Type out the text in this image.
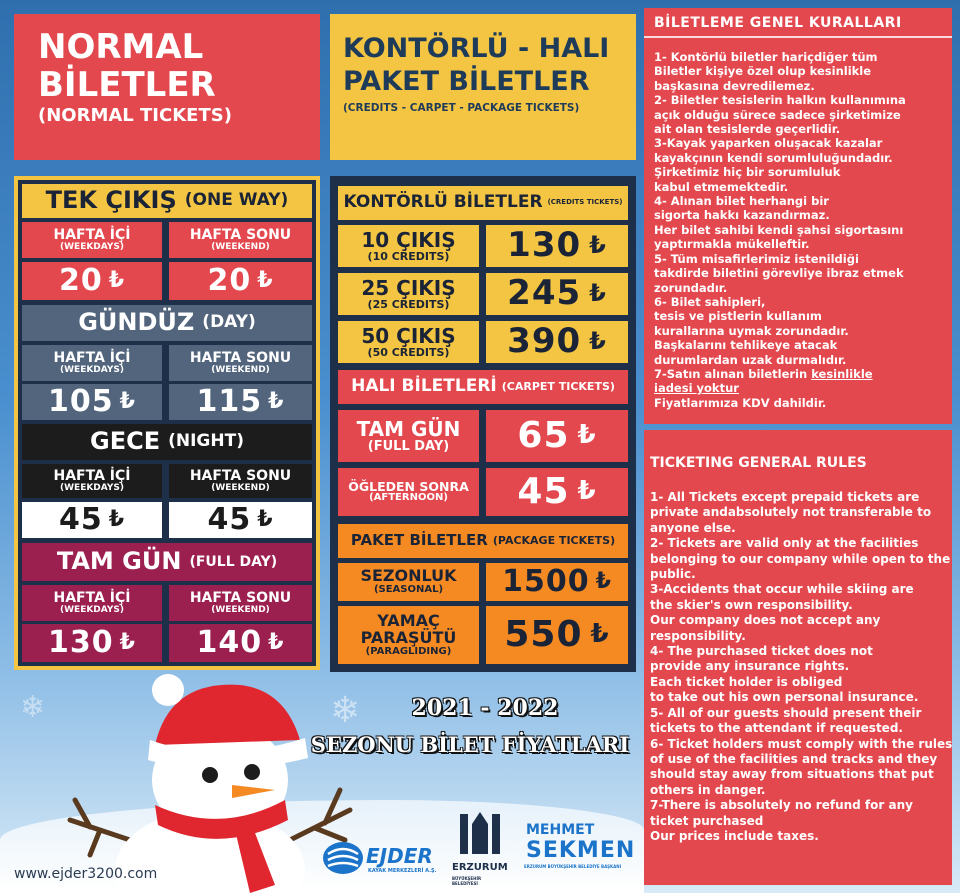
❄
❄
NORMAL
BİLETLER
(NORMAL TICKETS)
KONTÖRLÜ - HALI
PAKET BİLETLER
(CREDITS - CARPET - PACKAGE TICKETS)
TEK ÇIKIŞ (ONE WAY)
HAFTA İÇİ
(WEEKDAYS)
HAFTA SONU
(WEEKEND)
20 ₺	20 ₺
GÜNDÜZ (DAY)
HAFTA İÇİ
(WEEKDAYS)
HAFTA SONU
(WEEKEND)
105 ₺ 115 ₺
GECE (NIGHT)
HAFTA İÇİ
(WEEKDAYS)
HAFTA SONU
(WEEKEND)
45 ₺	45 ₺
TAM GÜN (FULL DAY)
HAFTA İÇİ
(WEEKDAYS)
HAFTA SONU
(WEEKEND)
130 ₺ 140 ₺
KONTÖRLÜ BİLETLER (CREDITS TICKETS)
10 ÇIKIŞ
(10 CREDITS) 130 ₺
25 ÇIKIŞ
(25 CREDITS) 245 ₺
50 ÇIKIŞ
(50 CREDITS) 390 ₺
HALI BİLETLERİ (CARPET TICKETS)
TAM GÜN
(FULL DAY) 65 ₺
ÖĞLEDEN SONRA
(AFTERNOON) 45 ₺
PAKET BİLETLER (PACKAGE TICKETS)
SEZONLUK
(SEASONAL) 1500 ₺
YAMAÇ
PARAŞÜTÜ
(PARAGLIDING) 550 ₺
BİLETLEME GENEL KURALLARI

1- Kontörlü biletler hariçdiğer tüm

Biletler kişiye özel olup kesinlikle

başkasına devredilemez.

2- Biletler tesislerin halkın kullanımına

açık olduğu sürece sadece şirketimize

ait olan tesislerde geçerlidir.

3-Kayak yaparken oluşacak kazalar

kayakçının kendi sorumluluğundadır.

Şirketimiz hiç bir sorumluluk

kabul etmemektedir.

4- Alınan bilet herhangi bir

sigorta hakkı kazandırmaz.

Her bilet sahibi kendi şahsi sigortasını

yaptırmakla mükelleftir.

5- Tüm misafirlerimiz istenildiği

takdirde biletini görevliye ibraz etmek

zorundadır.

6- Bilet sahipleri,

tesis ve pistlerin kullanım

kurallarına uymak zorundadır.

Başkalarını tehlikeye atacak

durumlardan uzak durmalıdır.

7-Satın alınan biletlerin kesinlikle

iadesi yoktur

Fiyatlarımıza KDV dahildir.

TICKETING GENERAL RULES

1- All Tickets except prepaid tickets are

private andabsolutely not transferable to

anyone else.

2- Tickets are valid only at the facilities

belonging to our company while open to the

public.

3-Accidents that occur while skiing are

the skier's own responsibility.

Our company does not accept any

responsibility.

4- The purchased ticket does not

provide any insurance rights.

Each ticket holder is obliged

to take out his own personal insurance.

5- All of our guests should present their

tickets to the attendant if requested.

6- Ticket holders must comply with the rules

of use of the facilities and tracks and they

should stay away from situations that put

others in danger.

7-There is absolutely no refund for any

ticket purchased

Our prices include taxes.

2021 - 2022
SEZONU BİLET FİYATLARI
www.ejder3200.com
EJDER
KAYAK MERKEZLERİ A.Ş. ERZURUM
BÜYÜKŞEHİR BELEDİYESİ
MEHMET
SEKMEN
ERZURUM BÜYÜKŞEHİR BELEDİYE BAŞKANI
